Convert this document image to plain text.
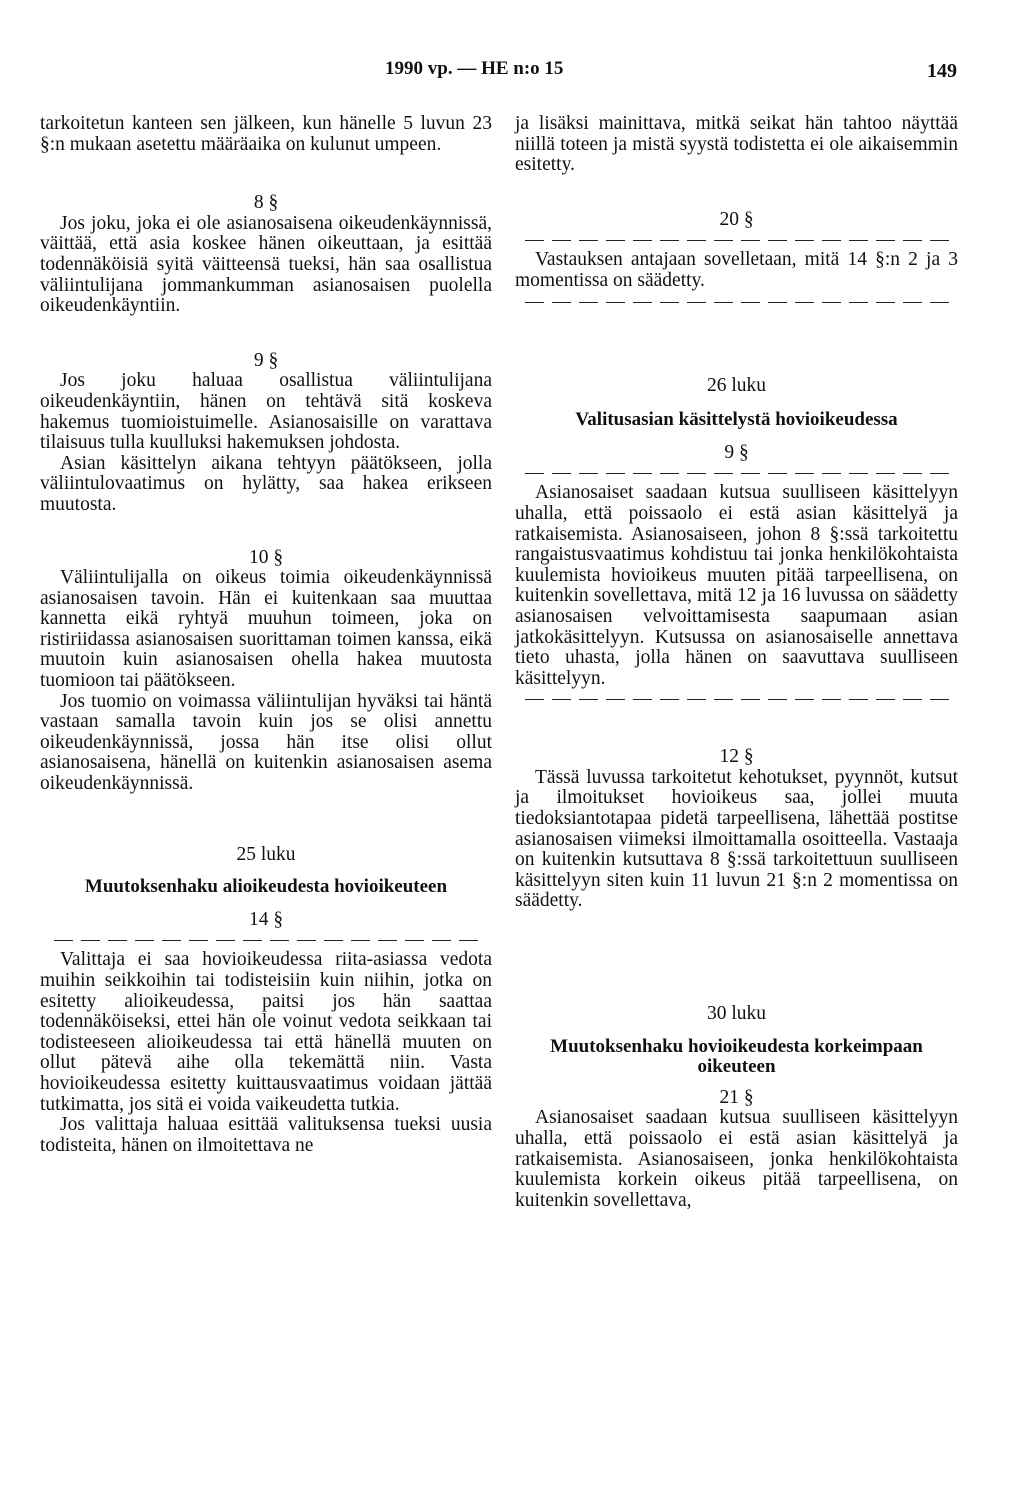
1990 vp. — HE n:o 15	149

tarkoitetun kanteen sen jälkeen, kun hänelle 5 luvun 23 §:n mukaan asetettu määräaika on kulunut umpeen.

8 §

Jos joku, joka ei ole asianosaisena oikeudenkäynnissä, väittää, että asia koskee hänen oikeuttaan, ja esittää todennäköisiä syitä väitteensä tueksi, hän saa osallistua väliintulijana jommankumman asianosaisen puolella oikeudenkäyntiin.

9 §

Jos joku haluaa osallistua väliintulijana oikeudenkäyntiin, hänen on tehtävä sitä koskeva hakemus tuomioistuimelle. Asianosaisille on varattava tilaisuus tulla kuulluksi hakemuksen johdosta.

Asian käsittelyn aikana tehtyyn päätökseen, jolla väliintulovaatimus on hylätty, saa hakea erikseen muutosta.

10 §

Väliintulijalla on oikeus toimia oikeudenkäynnissä asianosaisen tavoin. Hän ei kuitenkaan saa muuttaa kannetta eikä ryhtyä muuhun toimeen, joka on ristiriidassa asianosaisen suorittaman toimen kanssa, eikä muutoin kuin asianosaisen ohella hakea muutosta tuomioon tai päätökseen.

Jos tuomio on voimassa väliintulijan hyväksi tai häntä vastaan samalla tavoin kuin jos se olisi annettu oikeudenkäynnissä, jossa hän itse olisi ollut asianosaisena, hänellä on kuitenkin asianosaisen asema oikeudenkäynnissä.

25 luku

Muutoksenhaku alioikeudesta hovioikeuteen

14 §

Valittaja ei saa hovioikeudessa riita-asiassa vedota muihin seikkoihin tai todisteisiin kuin niihin, jotka on esitetty alioikeudessa, paitsi jos hän saattaa todennäköiseksi, ettei hän ole voinut vedota seikkaan tai todisteeseen alioikeudessa tai että hänellä muuten on ollut pätevä aihe olla tekemättä niin. Vasta hovioikeudessa esitetty kuittausvaatimus voidaan jättää tutkimatta, jos sitä ei voida vaikeudetta tutkia.

Jos valittaja haluaa esittää valituksensa tueksi uusia todisteita, hänen on ilmoitettava ne

ja lisäksi mainittava, mitkä seikat hän tahtoo näyttää niillä toteen ja mistä syystä todistetta ei ole aikaisemmin esitetty.

20 §

Vastauksen antajaan sovelletaan, mitä 14 §:n 2 ja 3 momentissa on säädetty.

26 luku

Valitusasian käsittelystä hovioikeudessa

9 §

Asianosaiset saadaan kutsua suulliseen käsittelyyn uhalla, että poissaolo ei estä asian käsittelyä ja ratkaisemista. Asianosaiseen, johon 8 §:ssä tarkoitettu rangaistusvaatimus kohdistuu tai jonka henkilökohtaista kuulemista hovioikeus muuten pitää tarpeellisena, on kuitenkin sovellettava, mitä 12 ja 16 luvussa on säädetty asianosaisen velvoittamisesta saapumaan asian jatkokäsittelyyn. Kutsussa on asianosaiselle annettava tieto uhasta, jolla hänen on saavuttava suulliseen käsittelyyn.

12 §

Tässä luvussa tarkoitetut kehotukset, pyynnöt, kutsut ja ilmoitukset hovioikeus saa, jollei muuta tiedoksiantotapaa pidetä tarpeellisena, lähettää postitse asianosaisen viimeksi ilmoittamalla osoitteella. Vastaaja on kuitenkin kutsuttava 8 §:ssä tarkoitettuun suulliseen käsittelyyn siten kuin 11 luvun 21 §:n 2 momentissa on säädetty.

30 luku

Muutoksenhaku hovioikeudesta korkeimpaan oikeuteen

21 §

Asianosaiset saadaan kutsua suulliseen käsittelyyn uhalla, että poissaolo ei estä asian käsittelyä ja ratkaisemista. Asianosaiseen, jonka henkilökohtaista kuulemista korkein oikeus pitää tarpeellisena, on kuitenkin sovellettava,
